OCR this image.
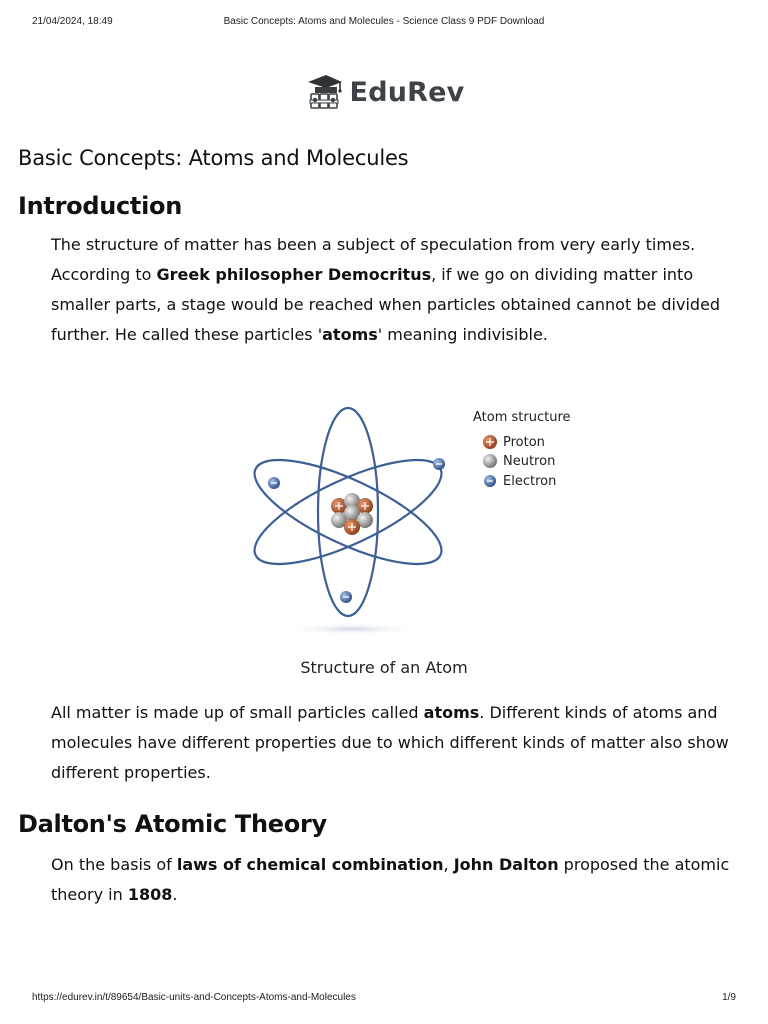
21/04/2024, 18:49	Basic Concepts: Atoms and Molecules - Science Class 9 PDF Download
EduRev
Basic Concepts: Atoms and Molecules
Introduction

The structure of matter has been a subject of speculation from very early times. According to Greek philosopher Democritus, if we go on dividing matter into smaller parts, a stage would be reached when particles obtained cannot be divided further. He called these particles 'atoms' meaning indivisible.

Atom structure
Proton
Neutron
Electron
Structure of an Atom

All matter is made up of small particles called atoms. Different kinds of atoms and molecules have different properties due to which different kinds of matter also show different properties.

Dalton's Atomic Theory

On the basis of laws of chemical combination, John Dalton proposed the atomic theory in 1808.

https://edurev.in/t/89654/Basic-units-and-Concepts-Atoms-and-Molecules	1/9
